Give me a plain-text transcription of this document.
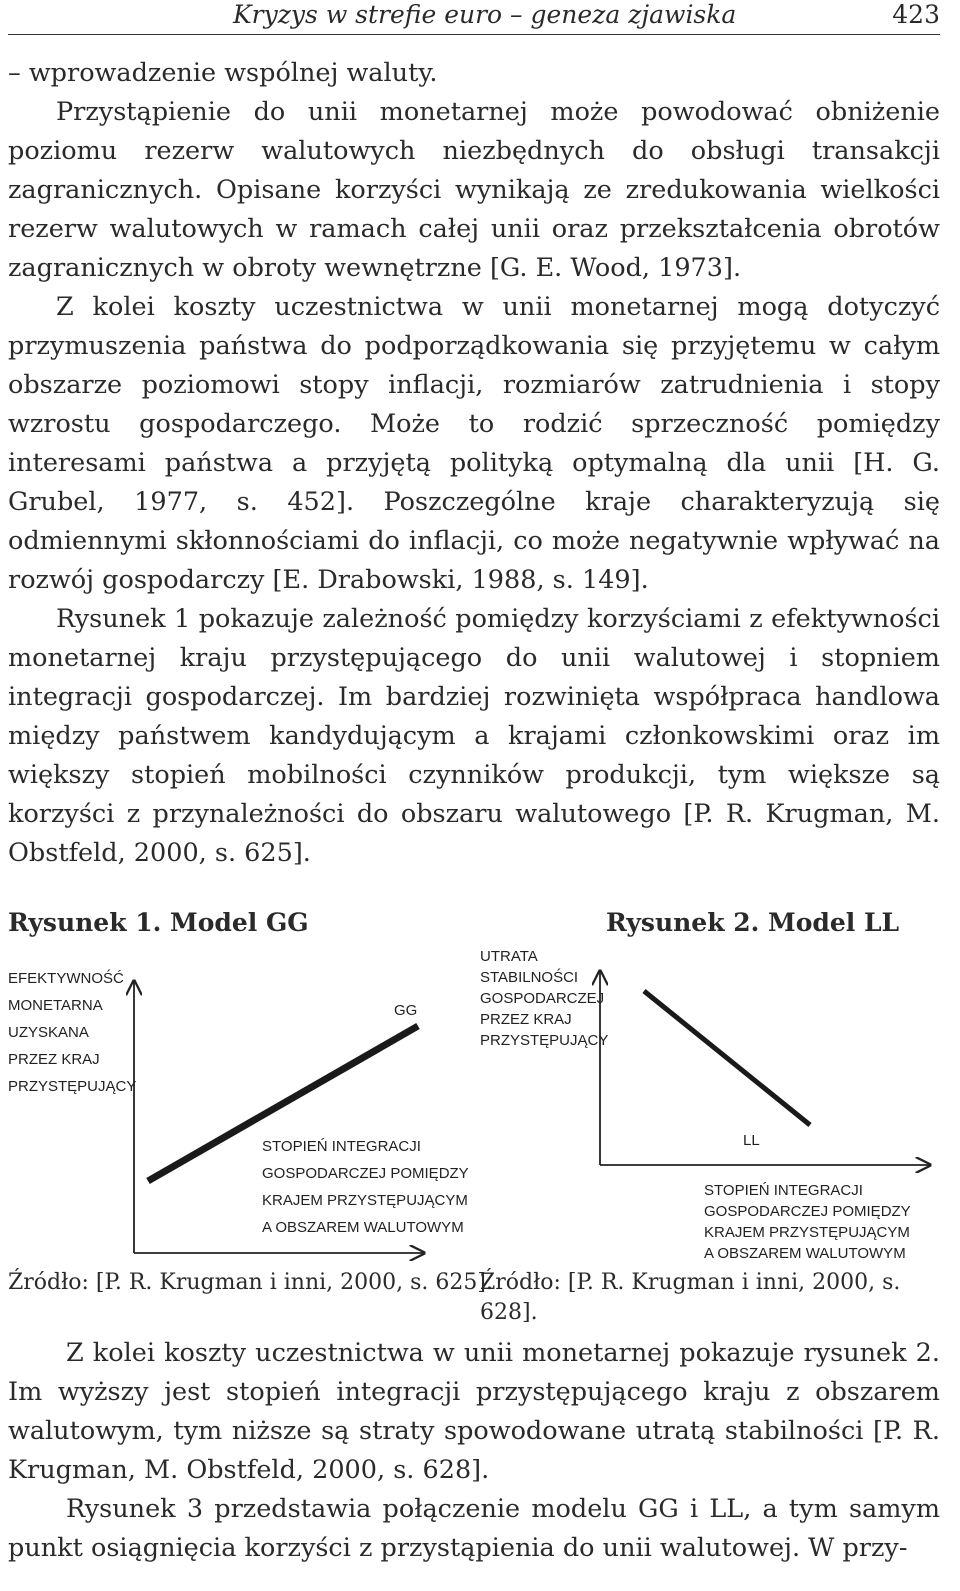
Kryzys w strefie euro – geneza zjawiska	423

– wprowadzenie wspólnej waluty.

Przystąpienie do unii monetarnej może powodować obniżenie poziomu rezerw walutowych niezbędnych do obsługi transakcji zagranicznych. Opisane korzyści wynikają ze zredukowania wielkości rezerw walutowych w ramach całej unii oraz przekształcenia obrotów zagranicznych w obroty wewnętrzne [G. E. Wood, 1973].

Z kolei koszty uczestnictwa w unii monetarnej mogą dotyczyć przymuszenia państwa do podporządkowania się przyjętemu w całym obszarze poziomowi stopy inflacji, rozmiarów zatrudnienia i stopy wzrostu gospodarczego. Może to rodzić sprzeczność pomiędzy interesami państwa a przyjętą polityką optymalną dla unii [H. G. Grubel, 1977, s. 452]. Poszczególne kraje charakteryzują się odmiennymi skłonnościami do inflacji, co może negatywnie wpływać na rozwój gospodarczy [E. Drabowski, 1988, s. 149].

Rysunek 1 pokazuje zależność pomiędzy korzyściami z efektywności monetarnej kraju przystępującego do unii walutowej i stopniem integracji gospodarczej. Im bardziej rozwinięta współpraca handlowa między państwem kandydującym a krajami członkowskimi oraz im większy stopień mobilności czynników produkcji, tym większe są korzyści z przynależności do obszaru walutowego [P. R. Krugman, M. Obstfeld, 2000, s. 625].

Rysunek 1. Model GG
GG
EFEKTYWNOŚĆ
MONETARNA
UZYSKANA
PRZEZ KRAJ
PRZYSTĘPUJĄCY
STOPIEŃ INTEGRACJI
GOSPODARCZEJ POMIĘDZY
KRAJEM PRZYSTĘPUJĄCYM
A OBSZAREM WALUTOWYM
Źródło: [P. R. Krugman i inni, 2000, s. 625].
Rysunek 2. Model LL
LL
UTRATA
STABILNOŚCI
GOSPODARCZEJ
PRZEZ KRAJ
PRZYSTĘPUJĄCY
STOPIEŃ INTEGRACJI
GOSPODARCZEJ POMIĘDZY
KRAJEM PRZYSTĘPUJĄCYM
A OBSZAREM WALUTOWYM
Źródło: [P. R. Krugman i inni, 2000, s. 628].

Z kolei koszty uczestnictwa w unii monetarnej pokazuje rysunek 2. Im wyższy jest stopień integracji przystępującego kraju z obszarem walutowym, tym niższe są straty spowodowane utratą stabilności [P. R. Krugman, M. Obstfeld, 2000, s. 628].

Rysunek 3 przedstawia połączenie modelu GG i LL, a tym samym punkt osiągnięcia korzyści z przystąpienia do unii walutowej. W przy-
